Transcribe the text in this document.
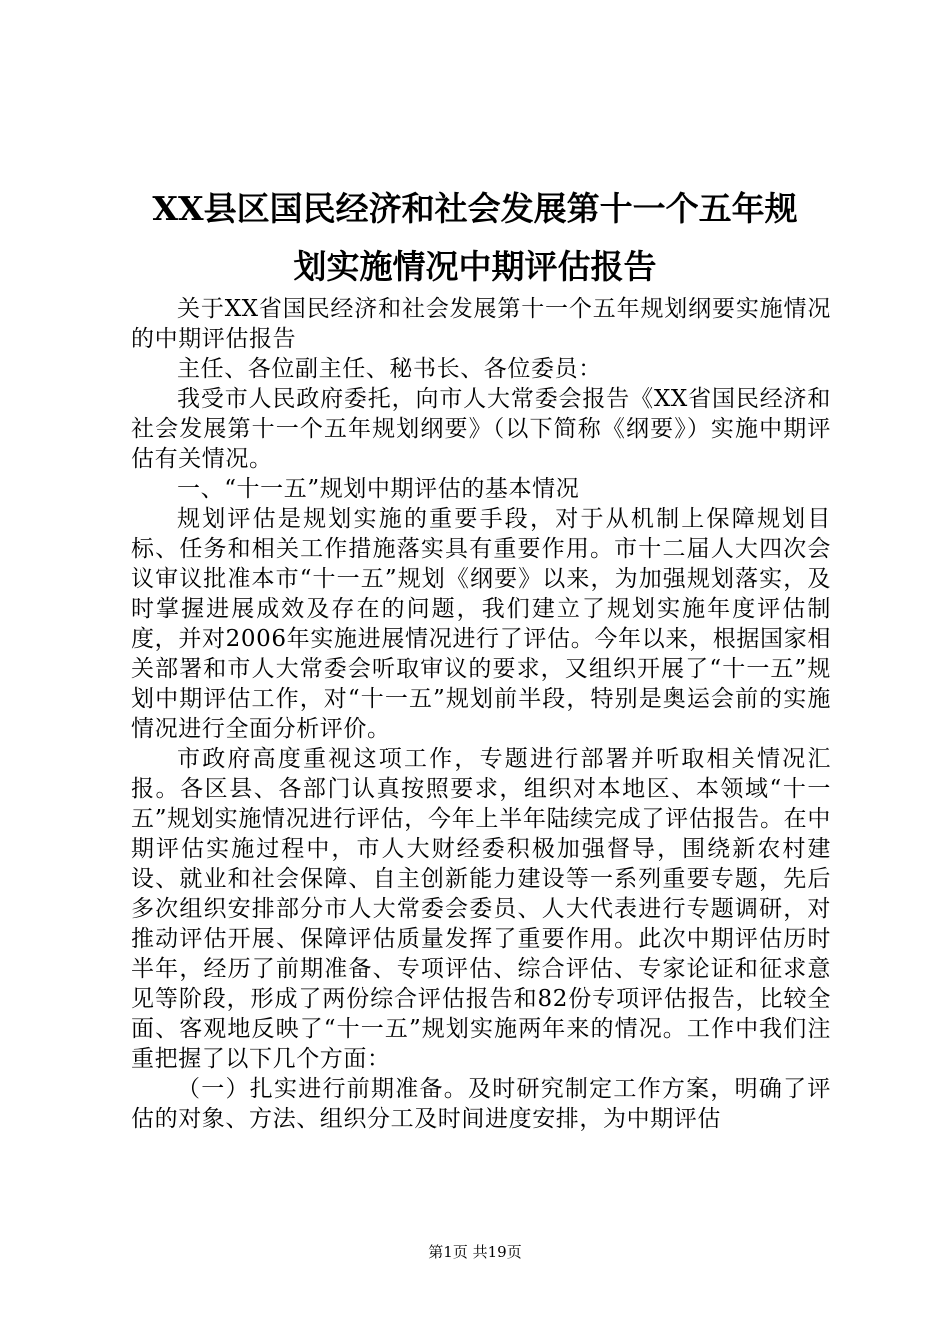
XX县区国民经济和社会发展第十一个五年规
划实施情况中期评估报告

关于XX省国民经济和社会发展第十一个五年规划纲要实施情况的中期评估报告

主任、各位副主任、秘书长、各位委员：

我受市人民政府委托，向市人大常委会报告《XX省国民经济和社会发展第十一个五年规划纲要》（以下简称《纲要》）实施中期评估有关情况。

一、“十一五”规划中期评估的基本情况

规划评估是规划实施的重要手段，对于从机制上保障规划目标、任务和相关工作措施落实具有重要作用。市十二届人大四次会议审议批准本市“十一五”规划《纲要》以来，为加强规划落实，及时掌握进展成效及存在的问题，我们建立了规划实施年度评估制度，并对2006年实施进展情况进行了评估。今年以来，根据国家相关部署和市人大常委会听取审议的要求，又组织开展了“十一五”规划中期评估工作，对“十一五”规划前半段，特别是奥运会前的实施情况进行全面分析评价。

市政府高度重视这项工作，专题进行部署并听取相关情况汇报。各区县、各部门认真按照要求，组织对本地区、本领域“十一五”规划实施情况进行评估，今年上半年陆续完成了评估报告。在中期评估实施过程中，市人大财经委积极加强督导，围绕新农村建设、就业和社会保障、自主创新能力建设等一系列重要专题，先后多次组织安排部分市人大常委会委员、人大代表进行专题调研，对推动评估开展、保障评估质量发挥了重要作用。此次中期评估历时半年，经历了前期准备、专项评估、综合评估、专家论证和征求意见等阶段，形成了两份综合评估报告和82份专项评估报告，比较全面、客观地反映了“十一五”规划实施两年来的情况。工作中我们注重把握了以下几个方面：

（一）扎实进行前期准备。及时研究制定工作方案，明确了评估的对象、方法、组织分工及时间进度安排，为中期评估

第1页 共19页
